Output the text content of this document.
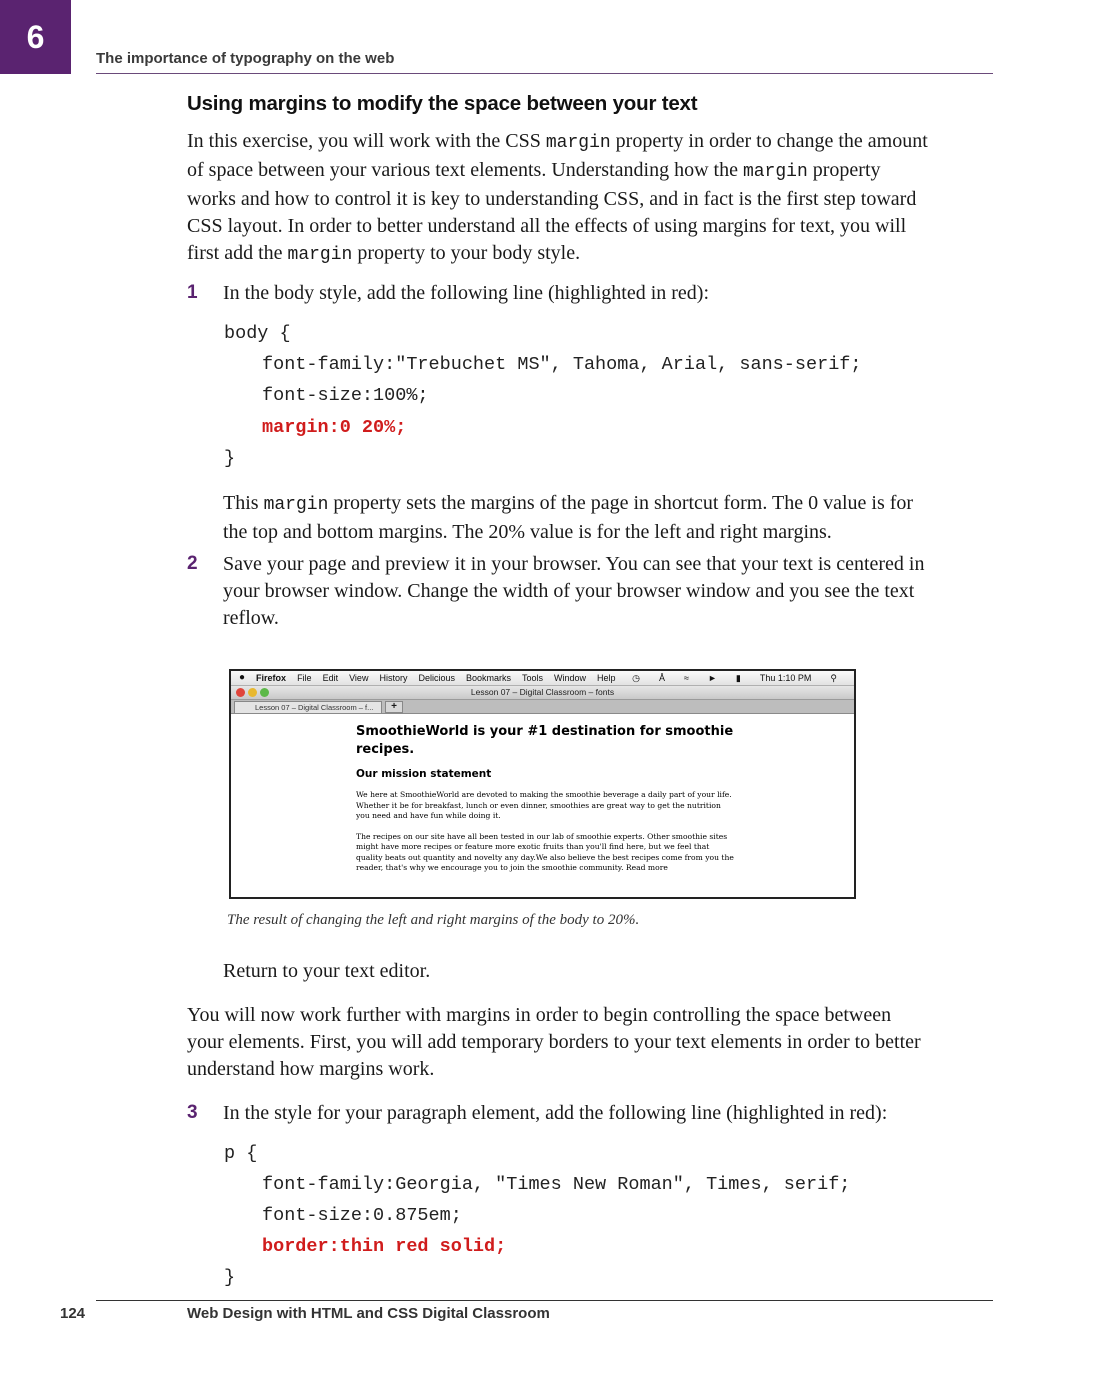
6
The importance of typography on the web
Using margins to modify the space between your text
In this exercise, you will work with the CSS margin property in order to change the amount
of space between your various text elements. Understanding how the margin property
works and how to control it is key to understanding CSS, and in fact is the first step toward
CSS layout. In order to better understand all the effects of using margins for text, you will
first add the margin property to your body style.
1 In the body style, add the following line (highlighted in red):
body {
font-family:"Trebuchet MS", Tahoma, Arial, sans-serif;
font-size:100%;
margin:0 20%;
}
This margin property sets the margins of the page in shortcut form. The 0 value is for
the top and bottom margins. The 20% value is for the left and right margins.
2 Save your page and preview it in your browser. You can see that your text is centered in
your browser window. Change the width of your browser window and you see the text
reflow.
● Firefox File Edit View History Delicious Bookmarks Tools Window Help ◷ Å ≈ ► ▮ Thu 1:10 PM ⚲
Lesson 07 – Digital Classroom – fonts
Lesson 07 – Digital Classroom – f...	+
SmoothieWorld is your #1 destination for smoothie recipes.
Our mission statement
We here at SmoothieWorld are devoted to making the smoothie beverage a daily part of your life. Whether it be for breakfast, lunch or even dinner, smoothies are great way to get the nutrition you need and have fun while doing it.
The recipes on our site have all been tested in our lab of smoothie experts. Other smoothie sites might have more recipes or feature more exotic fruits than you'll find here, but we feel that quality beats out quantity and novelty any day.We also believe the best recipes come from you the reader, that's why we encourage you to join the smoothie community. Read more
The result of changing the left and right margins of the body to 20%.
Return to your text editor.
You will now work further with margins in order to begin controlling the space between
your elements. First, you will add temporary borders to your text elements in order to better
understand how margins work.
3 In the style for your paragraph element, add the following line (highlighted in red):
p {
font-family:Georgia, "Times New Roman", Times, serif;
font-size:0.875em;
border:thin red solid;
}
124	Web Design with HTML and CSS Digital Classroom
